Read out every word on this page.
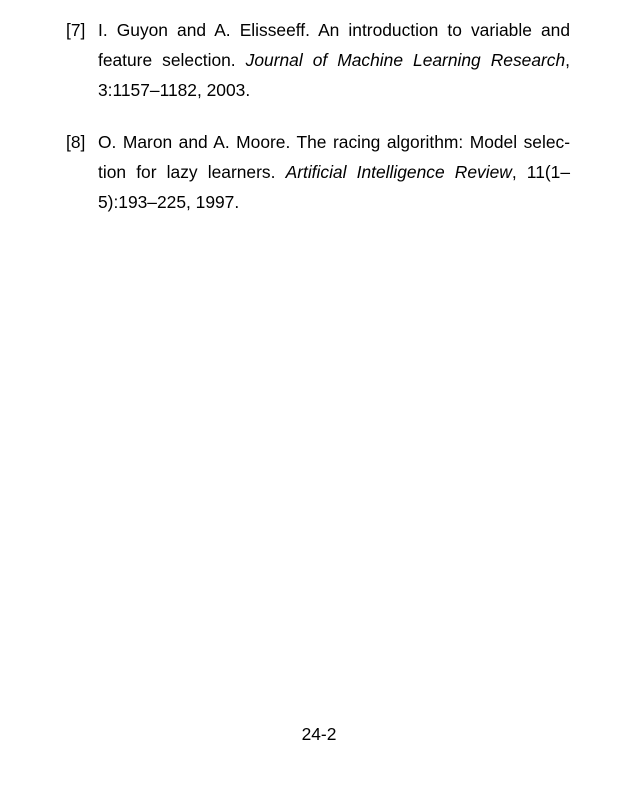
[7] I. Guyon and A. Elisseeff. An introduction to variable and
feature selection. Journal of Machine Learning Research,
3:1157–1182, 2003.
[8] O. Maron and A. Moore. The racing algorithm: Model selec-
tion for lazy learners. Artificial Intelligence Review, 11(1–
5):193–225, 1997.
24-2
